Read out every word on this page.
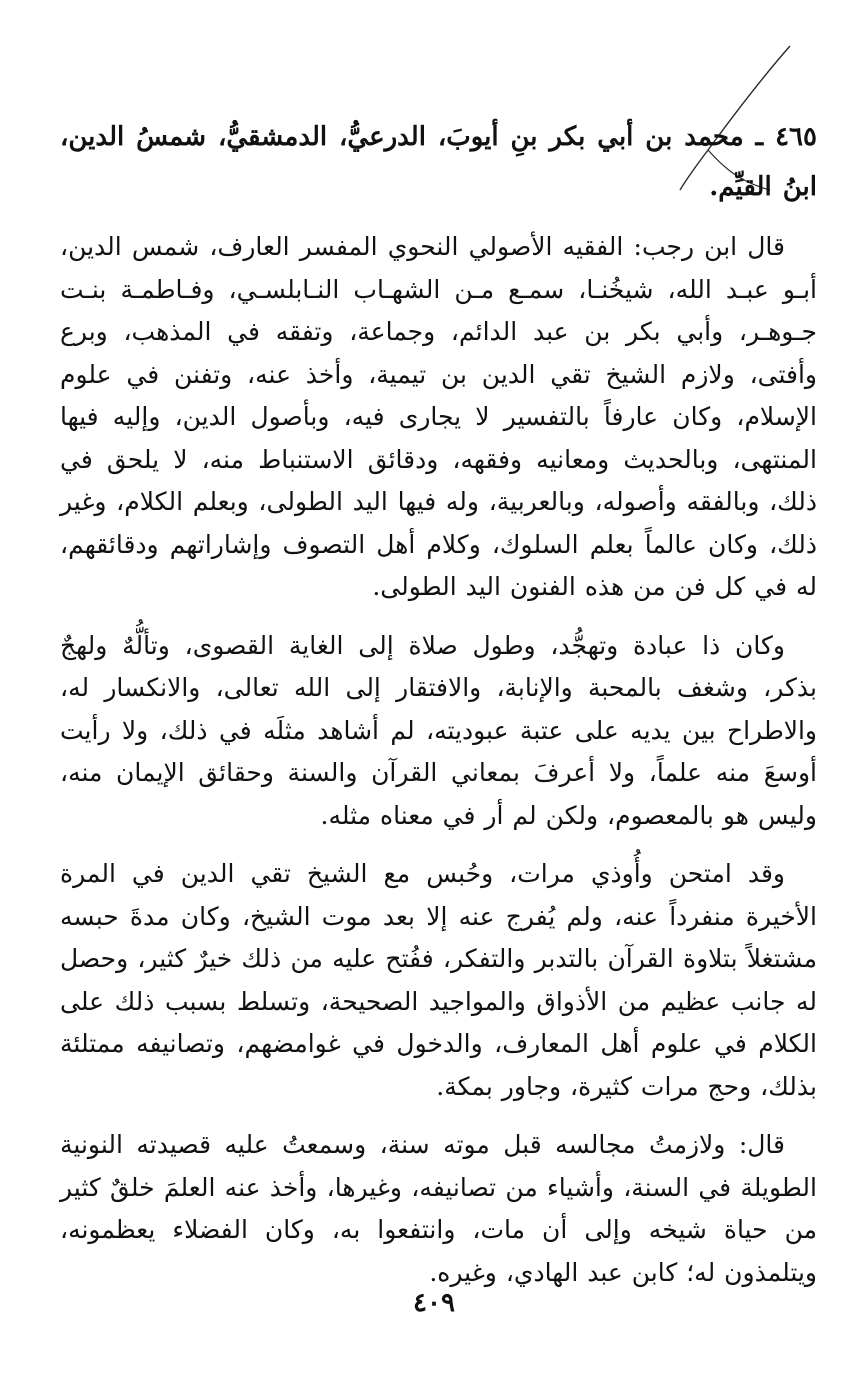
٤٦٥ ـ محمد بن أبي بكر بنِ أيوبَ، الدرعيُّ، الدمشقيُّ، شمسُ الدين، ابنُ القيِّم.

قال ابن رجب: الفقيه الأصولي النحوي المفسر العارف، شمس الدين، أبـو عبـد الله، شيخُنـا، سمـع مـن الشهـاب النـابلسـي، وفـاطمـة بنـت جـوهـر، وأبي بكر بن عبد الدائم، وجماعة، وتفقه في المذهب، وبرع وأفتى، ولازم الشيخ تقي الدين بن تيمية، وأخذ عنه، وتفنن في علوم الإسلام، وكان عارفاً بالتفسير لا يجارى فيه، وبأصول الدين، وإليه فيها المنتهى، وبالحديث ومعانيه وفقهه، ودقائق الاستنباط منه، لا يلحق في ذلك، وبالفقه وأصوله، وبالعربية، وله فيها اليد الطولى، وبعلم الكلام، وغير ذلك، وكان عالماً بعلم السلوك، وكلام أهل التصوف وإشاراتهم ودقائقهم، له في كل فن من هذه الفنون اليد الطولى.

وكان ذا عبادة وتهجُّد، وطول صلاة إلى الغاية القصوى، وتألُّهٌ ولهجٌ بذكر، وشغف بالمحبة والإنابة، والافتقار إلى الله تعالى، والانكسار له، والاطراح بين يديه على عتبة عبوديته، لم أشاهد مثلَه في ذلك، ولا رأيت أوسعَ منه علماً، ولا أعرفَ بمعاني القرآن والسنة وحقائق الإيمان منه، وليس هو بالمعصوم، ولكن لم أر في معناه مثله.

وقد امتحن وأُوذي مرات، وحُبس مع الشيخ تقي الدين في المرة الأخيرة منفرداً عنه، ولم يُفرج عنه إلا بعد موت الشيخ، وكان مدةَ حبسه مشتغلاً بتلاوة القرآن بالتدبر والتفكر، ففُتح عليه من ذلك خيرٌ كثير، وحصل له جانب عظيم من الأذواق والمواجيد الصحيحة، وتسلط بسبب ذلك على الكلام في علوم أهل المعارف، والدخول في غوامضهم، وتصانيفه ممتلئة بذلك، وحج مرات كثيرة، وجاور بمكة.

قال: ولازمتُ مجالسه قبل موته سنة، وسمعتُ عليه قصيدته النونية الطويلة في السنة، وأشياء من تصانيفه، وغيرها، وأخذ عنه العلمَ خلقٌ كثير من حياة شيخه وإلى أن مات، وانتفعوا به، وكان الفضلاء يعظمونه، ويتلمذون له؛ كابن عبد الهادي، وغيره.

٤٠٩
